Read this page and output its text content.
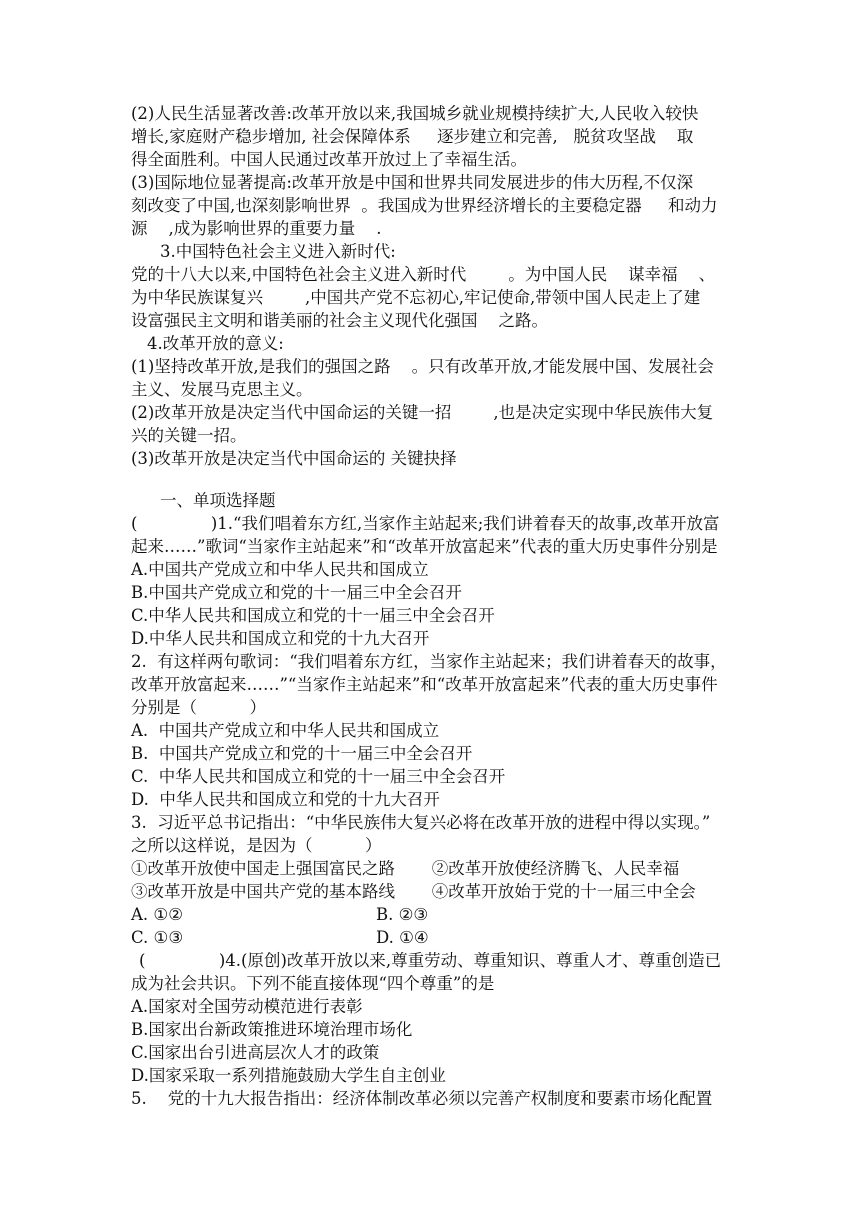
(2)人民生活显著改善:改革开放以来,我国城乡就业规模持续扩大,人民收入较快
增长,家庭财产稳步增加, 社会保障体系     逐步建立和完善,   脱贫攻坚战    取
得全面胜利。中国人民通过改革开放过上了幸福生活。
(3)国际地位显著提高:改革开放是中国和世界共同发展进步的伟大历程,不仅深
刻改变了中国,也深刻影响世界  。我国成为世界经济增长的主要稳定器     和动力
源    ,成为影响世界的重要力量    .
3.中国特色社会主义进入新时代:
党的十八大以来,中国特色社会主义进入新时代        。为中国人民    谋幸福    、
为中华民族谋复兴        ,中国共产党不忘初心,牢记使命,带领中国人民走上了建
设富强民主文明和谐美丽的社会主义现代化强国    之路。
4.改革开放的意义:
(1)坚持改革开放,是我们的强国之路    。只有改革开放,才能发展中国、发展社会
主义、发展马克思主义。
(2)改革开放是决定当代中国命运的关键一招        ,也是决定实现中华民族伟大复
兴的关键一招。
(3)改革开放是决定当代中国命运的 关键抉择
一、单项选择题
(              )1.“我们唱着东方红,当家作主站起来;我们讲着春天的故事,改革开放富
起来……”歌词“当家作主站起来”和“改革开放富起来”代表的重大历史事件分别是
A.中国共产党成立和中华人民共和国成立
B.中国共产党成立和党的十一届三中全会召开
C.中华人民共和国成立和党的十一届三中全会召开
D.中华人民共和国成立和党的十九大召开
2.  有这样两句歌词：“我们唱着东方红，当家作主站起来；我们讲着春天的故事，
改革开放富起来……”“当家作主站起来”和“改革开放富起来”代表的重大历史事件
分别是（          ）
A.  中国共产党成立和中华人民共和国成立
B.  中国共产党成立和党的十一届三中全会召开
C.  中华人民共和国成立和党的十一届三中全会召开
D.  中华人民共和国成立和党的十九大召开
3.  习近平总书记指出：“中华民族伟大复兴必将在改革开放的进程中得以实现。”
之所以这样说，是因为（          ）
①改革开放使中国走上强国富民之路       ②改革开放使经济腾飞、人民幸福
③改革开放是中国共产党的基本路线       ④改革开放始于党的十一届三中全会
A. ①②	B. ②③
C. ①③	D. ①④
(              )4.(原创)改革开放以来,尊重劳动、尊重知识、尊重人才、尊重创造已
成为社会共识。下列不能直接体现“四个尊重”的是
A.国家对全国劳动模范进行表彰
B.国家出台新政策推进环境治理市场化
C.国家出台引进高层次人才的政策
D.国家采取一系列措施鼓励大学生自主创业
5.    党的十九大报告指出：经济体制改革必须以完善产权制度和要素市场化配置
